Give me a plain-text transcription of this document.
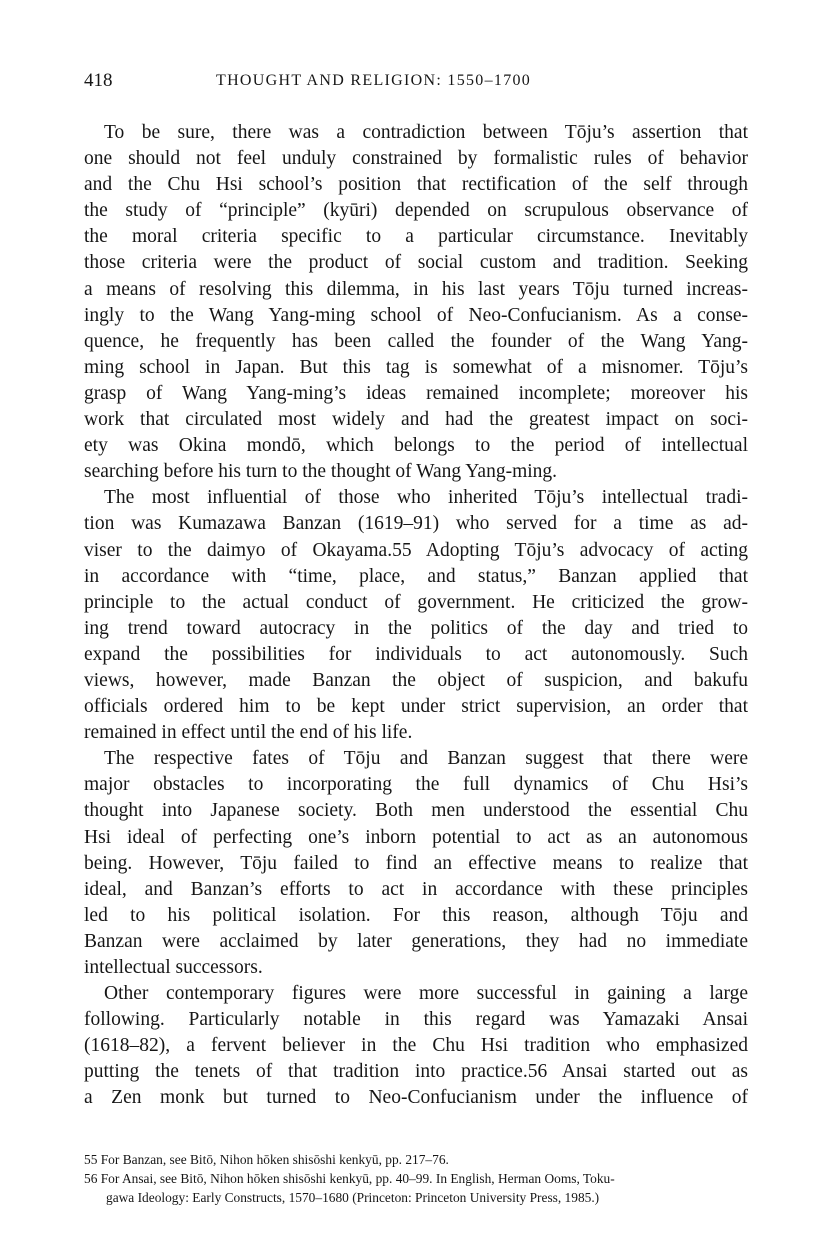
418	THOUGHT AND RELIGION: 1550–1700
To be sure, there was a contradiction between Tōju’s assertion that
one should not feel unduly constrained by formalistic rules of behavior
and the Chu Hsi school’s position that rectification of the self through
the study of “principle” (kyūri) depended on scrupulous observance of
the moral criteria specific to a particular circumstance. Inevitably
those criteria were the product of social custom and tradition. Seeking
a means of resolving this dilemma, in his last years Tōju turned increas-
ingly to the Wang Yang-ming school of Neo-Confucianism. As a conse-
quence, he frequently has been called the founder of the Wang Yang-
ming school in Japan. But this tag is somewhat of a misnomer. Tōju’s
grasp of Wang Yang-ming’s ideas remained incomplete; moreover his
work that circulated most widely and had the greatest impact on soci-
ety was Okina mondō, which belongs to the period of intellectual
searching before his turn to the thought of Wang Yang-ming.
The most influential of those who inherited Tōju’s intellectual tradi-
tion was Kumazawa Banzan (1619–91) who served for a time as ad-
viser to the daimyo of Okayama.55 Adopting Tōju’s advocacy of acting
in accordance with “time, place, and status,” Banzan applied that
principle to the actual conduct of government. He criticized the grow-
ing trend toward autocracy in the politics of the day and tried to
expand the possibilities for individuals to act autonomously. Such
views, however, made Banzan the object of suspicion, and bakufu
officials ordered him to be kept under strict supervision, an order that
remained in effect until the end of his life.
The respective fates of Tōju and Banzan suggest that there were
major obstacles to incorporating the full dynamics of Chu Hsi’s
thought into Japanese society. Both men understood the essential Chu
Hsi ideal of perfecting one’s inborn potential to act as an autonomous
being. However, Tōju failed to find an effective means to realize that
ideal, and Banzan’s efforts to act in accordance with these principles
led to his political isolation. For this reason, although Tōju and
Banzan were acclaimed by later generations, they had no immediate
intellectual successors.
Other contemporary figures were more successful in gaining a large
following. Particularly notable in this regard was Yamazaki Ansai
(1618–82), a fervent believer in the Chu Hsi tradition who emphasized
putting the tenets of that tradition into practice.56 Ansai started out as
a Zen monk but turned to Neo-Confucianism under the influence of
55 For Banzan, see Bitō, Nihon hōken shisōshi kenkyū, pp. 217–76.
56 For Ansai, see Bitō, Nihon hōken shisōshi kenkyū, pp. 40–99. In English, Herman Ooms, Toku-
gawa Ideology: Early Constructs, 1570–1680 (Princeton: Princeton University Press, 1985.)
